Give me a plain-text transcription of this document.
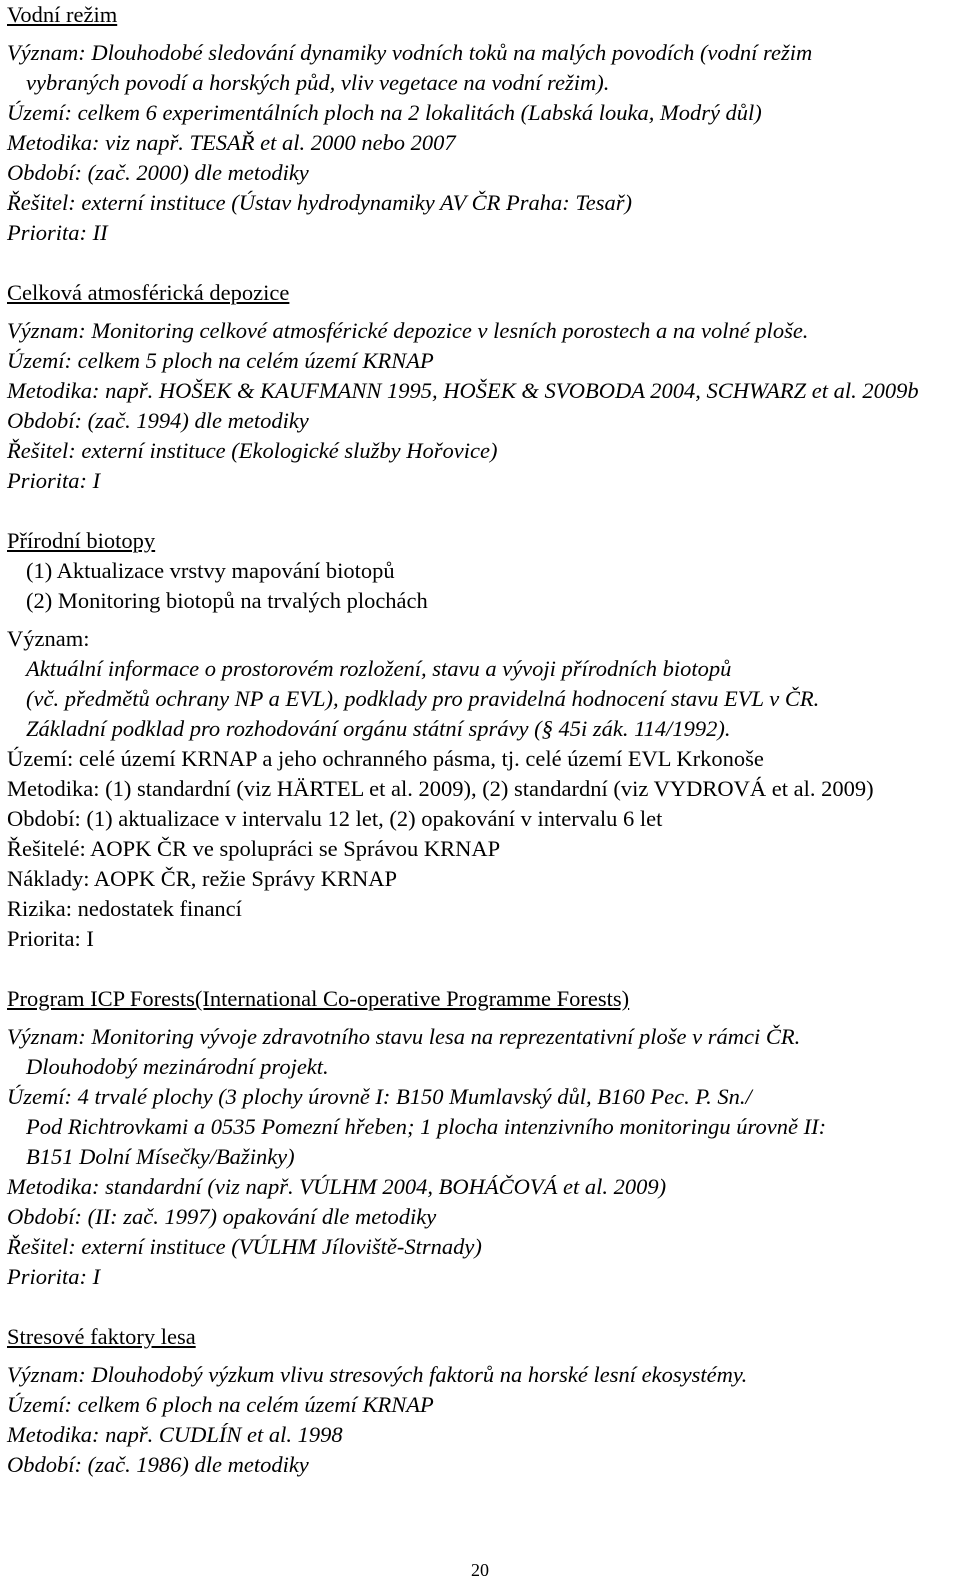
Vodní režim
Význam: Dlouhodobé sledování dynamiky vodních toků na malých povodích (vodní režim
vybraných povodí a horských půd, vliv vegetace na vodní režim).
Území: celkem 6 experimentálních ploch na 2 lokalitách (Labská louka, Modrý důl)
Metodika: viz např. TESAŘ et al. 2000 nebo 2007
Období: (zač. 2000) dle metodiky
Řešitel: externí instituce (Ústav hydrodynamiky AV ČR Praha: Tesař)
Priorita: II
Celková atmosférická depozice
Význam: Monitoring celkové atmosférické depozice v lesních porostech a na volné ploše.
Území: celkem 5 ploch na celém území KRNAP
Metodika: např. HOŠEK & KAUFMANN 1995, HOŠEK & SVOBODA 2004, SCHWARZ et al. 2009b
Období: (zač. 1994) dle metodiky
Řešitel: externí instituce (Ekologické služby Hořovice)
Priorita: I
Přírodní biotopy
(1) Aktualizace vrstvy mapování biotopů
(2) Monitoring biotopů na trvalých plochách
Význam:
Aktuální informace o prostorovém rozložení, stavu a vývoji přírodních biotopů
(vč. předmětů ochrany NP a EVL), podklady pro pravidelná hodnocení stavu EVL v ČR.
Základní podklad pro rozhodování orgánu státní správy (§ 45i zák. 114/1992).
Území: celé území KRNAP a jeho ochranného pásma, tj. celé území EVL Krkonoše
Metodika: (1) standardní (viz HÄRTEL et al. 2009), (2) standardní (viz VYDROVÁ et al. 2009)
Období: (1) aktualizace v intervalu 12 let, (2) opakování v intervalu 6 let
Řešitelé: AOPK ČR ve spolupráci se Správou KRNAP
Náklady: AOPK ČR, režie Správy KRNAP
Rizika: nedostatek financí
Priorita: I
Program ICP Forests(International Co-operative Programme Forests)
Význam: Monitoring vývoje zdravotního stavu lesa na reprezentativní ploše v rámci ČR.
Dlouhodobý mezinárodní projekt.
Území: 4 trvalé plochy (3 plochy úrovně I: B150 Mumlavský důl, B160 Pec. P. Sn./
Pod Richtrovkami a 0535 Pomezní hřeben; 1 plocha intenzivního monitoringu úrovně II:
B151 Dolní Mísečky/Bažinky)
Metodika: standardní (viz např. VÚLHM 2004, BOHÁČOVÁ et al. 2009)
Období: (II: zač. 1997) opakování dle metodiky
Řešitel: externí instituce (VÚLHM Jíloviště-Strnady)
Priorita: I
Stresové faktory lesa
Význam: Dlouhodobý výzkum vlivu stresových faktorů na horské lesní ekosystémy.
Území: celkem 6 ploch na celém území KRNAP
Metodika: např. CUDLÍN et al. 1998
Období: (zač. 1986) dle metodiky
20
